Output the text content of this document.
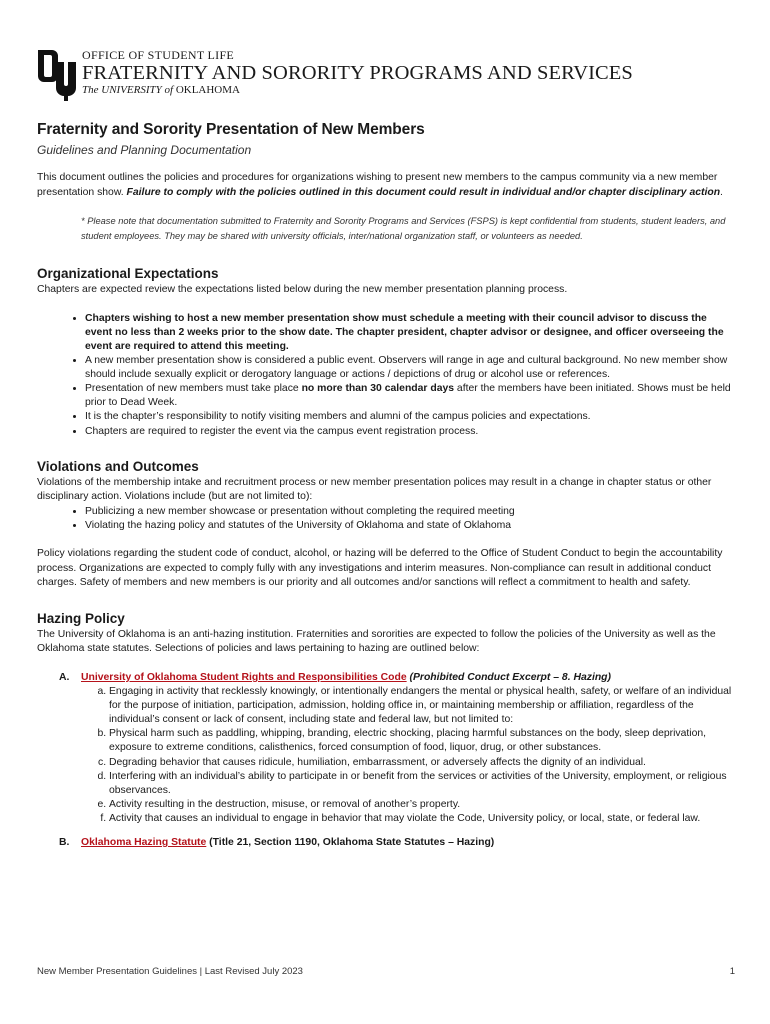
OFFICE OF STUDENT LIFE
FRATERNITY AND SORORITY PROGRAMS AND SERVICES
The UNIVERSITY of OKLAHOMA
Fraternity and Sorority Presentation of New Members
Guidelines and Planning Documentation

This document outlines the policies and procedures for organizations wishing to present new members to the campus community via a new member presentation show. Failure to comply with the policies outlined in this document could result in individual and/or chapter disciplinary action.

* Please note that documentation submitted to Fraternity and Sorority Programs and Services (FSPS) is kept confidential from students, student leaders, and student employees. They may be shared with university officials, inter/national organization staff, or volunteers as needed.
Organizational Expectations

Chapters are expected review the expectations listed below during the new member presentation planning process.

• Chapters wishing to host a new member presentation show must schedule a meeting with their council advisor to discuss the event no less than 2 weeks prior to the show date. The chapter president, chapter advisor or designee, and officer overseeing the event are required to attend this meeting.
• A new member presentation show is considered a public event. Observers will range in age and cultural background. No new member show should include sexually explicit or derogatory language or actions / depictions of drug or alcohol use or references.
• Presentation of new members must take place no more than 30 calendar days after the members have been initiated. Shows must be held prior to Dead Week.
• It is the chapter’s responsibility to notify visiting members and alumni of the campus policies and expectations.
• Chapters are required to register the event via the campus event registration process.
Violations and Outcomes

Violations of the membership intake and recruitment process or new member presentation polices may result in a change in chapter status or other disciplinary action. Violations include (but are not limited to):

• Publicizing a new member showcase or presentation without completing the required meeting
• Violating the hazing policy and statutes of the University of Oklahoma and state of Oklahoma

Policy violations regarding the student code of conduct, alcohol, or hazing will be deferred to the Office of Student Conduct to begin the accountability process. Organizations are expected to comply fully with any investigations and interim measures. Non-compliance can result in additional conduct charges. Safety of members and new members is our priority and all outcomes and/or sanctions will reflect a commitment to health and safety.

Hazing Policy

The University of Oklahoma is an anti-hazing institution. Fraternities and sororities are expected to follow the policies of the University as well as the Oklahoma state statutes. Selections of policies and laws pertaining to hazing are outlined below:

A. University of Oklahoma Student Rights and Responsibilities Code (Prohibited Conduct Excerpt – 8. Hazing)
a. Engaging in activity that recklessly knowingly, or intentionally endangers the mental or physical health, safety, or welfare of an individual for the purpose of initiation, participation, admission, holding office in, or maintaining membership or affiliation, regardless of the individual’s consent or lack of consent, including state and federal law, but not limited to:
b. Physical harm such as paddling, whipping, branding, electric shocking, placing harmful substances on the body, sleep deprivation, exposure to extreme conditions, calisthenics, forced consumption of food, liquor, drug, or other substances.
c. Degrading behavior that causes ridicule, humiliation, embarrassment, or adversely affects the dignity of an individual.
d. Interfering with an individual’s ability to participate in or benefit from the services or activities of the University, employment, or religious observances.
e. Activity resulting in the destruction, misuse, or removal of another’s property.
f. Activity that causes an individual to engage in behavior that may violate the Code, University policy, or local, state, or federal law.
B. Oklahoma Hazing Statute (Title 21, Section 1190, Oklahoma State Statutes – Hazing)
New Member Presentation Guidelines | Last Revised July 2023	1
